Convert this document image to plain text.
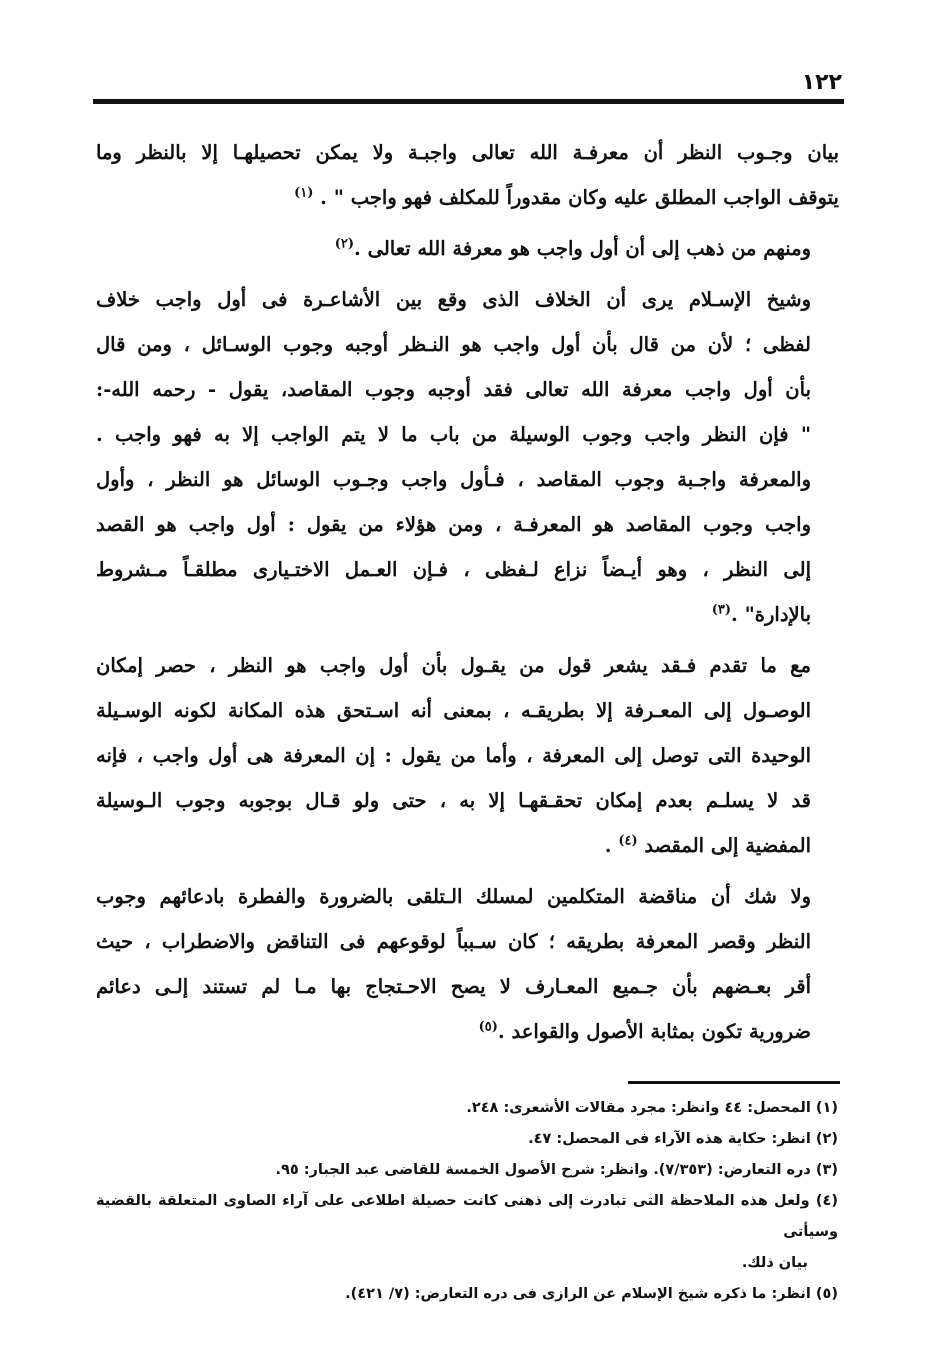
١٢٢

بيان وجـوب النظر أن معرفـة الله تعالى واجبـة ولا يمكن تحصيلهـا إلا بالنظر وما
يتوقف الواجب المطلق عليه وكان مقدوراً للمكلف فهو واجب " . $^{(١)}$

ومنهم من ذهب إلى أن أول واجب هو معرفة الله تعالى .$^{(٢)}$

وشيخ الإسـلام يرى أن الخلاف الذى وقع بين الأشاعـرة فى أول واجب خلاف
لفظى ؛ لأن من قال بأن أول واجب هو النـظر أوجبه وجوب الوسـائل ، ومن قال
بأن أول واجب معرفة الله تعالى فقد أوجبه وجوب المقاصد، يقول - رحمه الله-:
" فإن النظر واجب وجوب الوسيلة من باب ما لا يتم الواجب إلا به فهو واجب .
والمعرفة واجـبة وجوب المقاصد ، فـأول واجب وجـوب الوسائل هو النظر ، وأول
واجب وجوب المقاصد هو المعرفـة ، ومن هؤلاء من يقول : أول واجب هو القصد
إلى النظر ، وهو أيـضاً نزاع لـفظى ، فـإن العـمل الاختـيارى مطلقـاً مـشروط
بالإدارة" .$^{(٣)}$

مع ما تقدم فـقد يشعر قول من يقـول بأن أول واجب هو النظر ، حصر إمكان
الوصـول إلى المعـرفة إلا بطريقـه ، بمعنى أنه اسـتحق هذه المكانة لكونه الوسـيلة
الوحيدة التى توصل إلى المعرفة ، وأما من يقول : إن المعرفة هى أول واجب ، فإنه
قد لا يسلـم بعدم إمكان تحقـقهـا إلا به ، حتى ولو قـال بوجوبه وجوب الـوسيلة
المفضية إلى المقصد $^{(٤)}$ .

ولا شك أن مناقضة المتكلمين لمسلك الـتلقى بالضرورة والفطرة بادعائهم وجوب
النظر وقصر المعرفة بطريقه ؛ كان سـبباً لوقوعهم فى التناقض والاضطراب ، حيث
أقر بعـضهم بأن جـميع المعـارف لا يصح الاحـتجاج بها مـا لم تستند إلـى دعائم
ضرورية تكون بمثابة الأصول والقواعد .$^{(٥)}$

(١) المحصل: ٤٤ وانظر: مجرد مقالات الأشعرى: ٢٤٨.
(٢) انظر: حكاية هذه الآراء فى المحصل: ٤٧.
(٣) دره التعارض: (٧/٣٥٣). وانظر: شرح الأصول الخمسة للقاضى عبد الجبار: ٩٥.
(٤) ولعل هذه الملاحظة التى تبادرت إلى ذهنى كانت حصيلة اطلاعى على آراء الصاوى المتعلقة بالقضية وسيأتى
بيان ذلك.
(٥) انظر: ما ذكره شيخ الإسلام عن الرازى فى دره التعارض: (٧/ ٤٢١).
